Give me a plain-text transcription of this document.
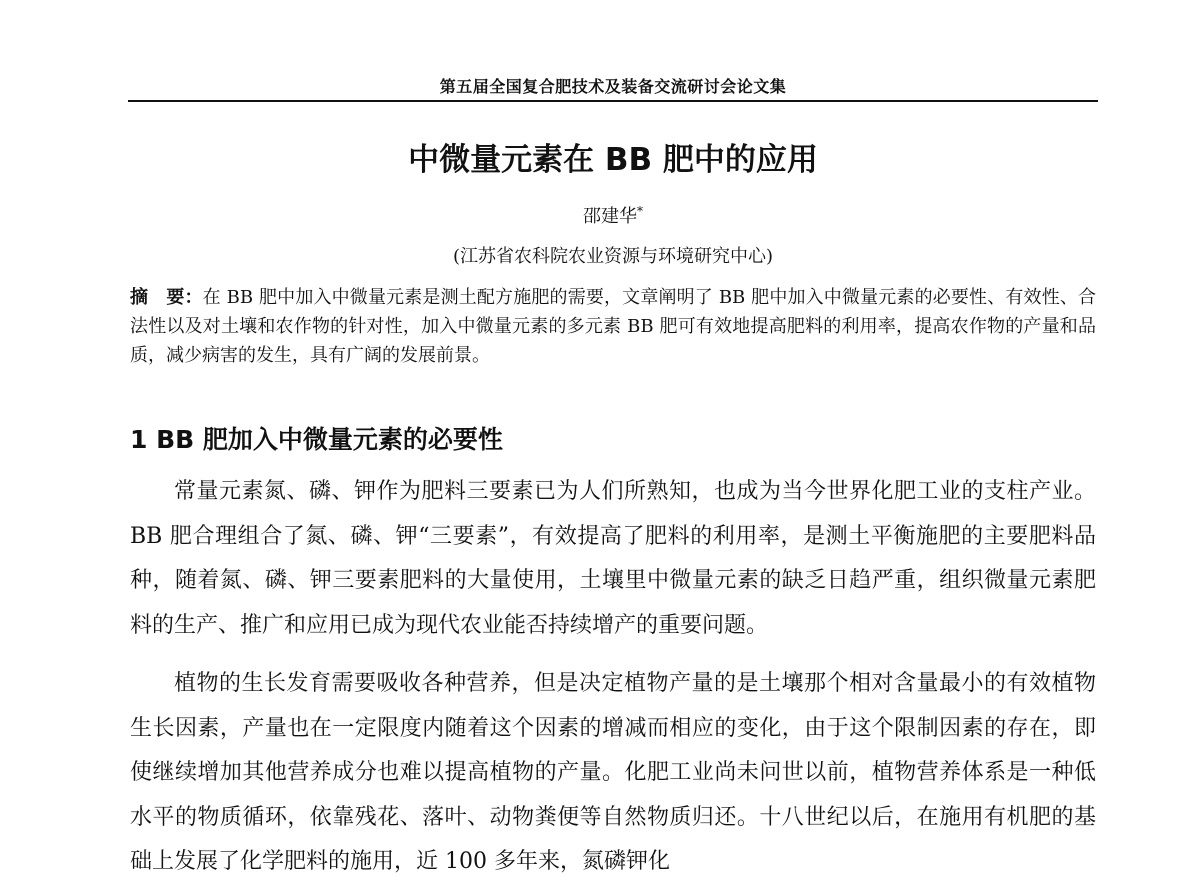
第五届全国复合肥技术及装备交流研讨会论文集
中微量元素在 BB 肥中的应用
邵建华*
(江苏省农科院农业资源与环境研究中心)
摘　要：在 BB 肥中加入中微量元素是测土配方施肥的需要，文章阐明了 BB 肥中加入中微量元素的必要性、有效性、合法性以及对土壤和农作物的针对性，加入中微量元素的多元素 BB 肥可有效地提高肥料的利用率，提高农作物的产量和品质，减少病害的发生，具有广阔的发展前景。
1 BB 肥加入中微量元素的必要性
常量元素氮、磷、钾作为肥料三要素已为人们所熟知，也成为当今世界化肥工业的支柱产业。BB 肥合理组合了氮、磷、钾“三要素”，有效提高了肥料的利用率，是测土平衡施肥的主要肥料品种，随着氮、磷、钾三要素肥料的大量使用，土壤里中微量元素的缺乏日趋严重，组织微量元素肥料的生产、推广和应用已成为现代农业能否持续增产的重要问题。
植物的生长发育需要吸收各种营养，但是决定植物产量的是土壤那个相对含量最小的有效植物生长因素，产量也在一定限度内随着这个因素的增减而相应的变化，由于这个限制因素的存在，即使继续增加其他营养成分也难以提高植物的产量。化肥工业尚未问世以前，植物营养体系是一种低水平的物质循环，依靠残花、落叶、动物粪便等自然物质归还。十八世纪以后，在施用有机肥的基础上发展了化学肥料的施用，近 100 多年来，氮磷钾化
